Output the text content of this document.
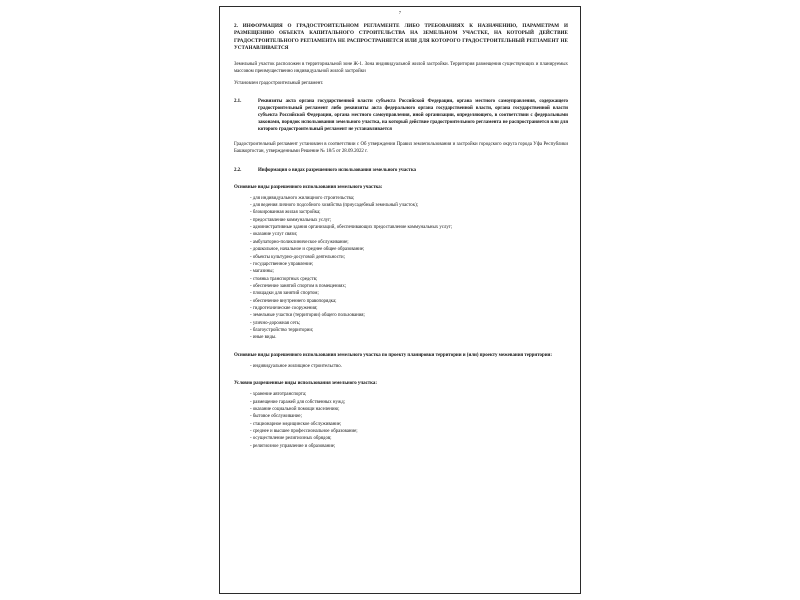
7
2. ИНФОРМАЦИЯ О ГРАДОСТРОИТЕЛЬНОМ РЕГЛАМЕНТЕ ЛИБО ТРЕБОВАНИЯХ К НАЗНАЧЕНИЮ, ПАРАМЕТРАМ И РАЗМЕЩЕНИЮ ОБЪЕКТА КАПИТАЛЬНОГО СТРОИТЕЛЬСТВА НА ЗЕМЕЛЬНОМ УЧАСТКЕ, НА КОТОРЫЙ ДЕЙСТВИЕ ГРАДОСТРОИТЕЛЬНОГО РЕГЛАМЕНТА НЕ РАСПРОСТРАНЯЕТСЯ ИЛИ ДЛЯ КОТОРОГО ГРАДОСТРОИТЕЛЬНЫЙ РЕГЛАМЕНТ НЕ УСТАНАВЛИВАЕТСЯ
Земельный участок расположен в территориальной зоне Ж-1. Зона индивидуальной жилой застройки. Территория размещения существующих и планируемых массовом преимущественно индивидуальной жилой застройки
Установлен градостроительный регламент.
2.1.	Реквизиты акта органа государственной власти субъекта Российской Федерации, органа местного самоуправления, содержащего градостроительный регламент либо реквизиты акта федерального органа государственной власти, органа государственной власти субъекта Российской Федерации, органа местного самоуправления, иной организации, определяющего, в соответствии с федеральными законами, порядок использования земельного участка, на который действие градостроительного регламента не распространяется или для которого градостроительный регламент не устанавливается
Градостроительный регламент установлен в соответствии с Об утверждении Правил землепользования и застройки городского округа города Уфа Республики Башкортостан, утвержденными Решение № 18/5 от 28.09.2022 г.
2.2.	Информация о видах разрешенного использования земельного участка
Основные виды разрешенного использования земельного участка:
- для индивидуального жилищного строительства;
- для ведения личного подсобного хозяйства (приусадебный земельный участок);
- блокированная жилая застройка;
- предоставление коммунальных услуг;
- административные здания организаций, обеспечивающих предоставление коммунальных услуг;
- оказание услуг связи;
- амбулаторно-поликлиническое обслуживание;
- дошкольное, начальное и среднее общее образование;
- объекты культурно-досуговой деятельности;
- государственное управление;
- магазины;
- стоянка транспортных средств;
- обеспечение занятий спортом в помещениях;
- площадки для занятий спортом;
- обеспечение внутреннего правопорядка;
- гидротехнические сооружения;
- земельные участки (территории) общего пользования;
- улично-дорожная сеть;
- благоустройство территории;
- иные виды.
Основные виды разрешенного использования земельного участка по проекту планировки территории и (или) проекту межевания территории:
- индивидуальное жилищное строительство.
Условно разрешенные виды использования земельного участка:
- хранение автотранспорта;
- размещение гаражей для собственных нужд;
- оказание социальной помощи населению;
- бытовое обслуживание;
- стационарное медицинское обслуживание;
- среднее и высшее профессиональное образование;
- осуществление религиозных обрядов;
- религиозное управление и образование;
